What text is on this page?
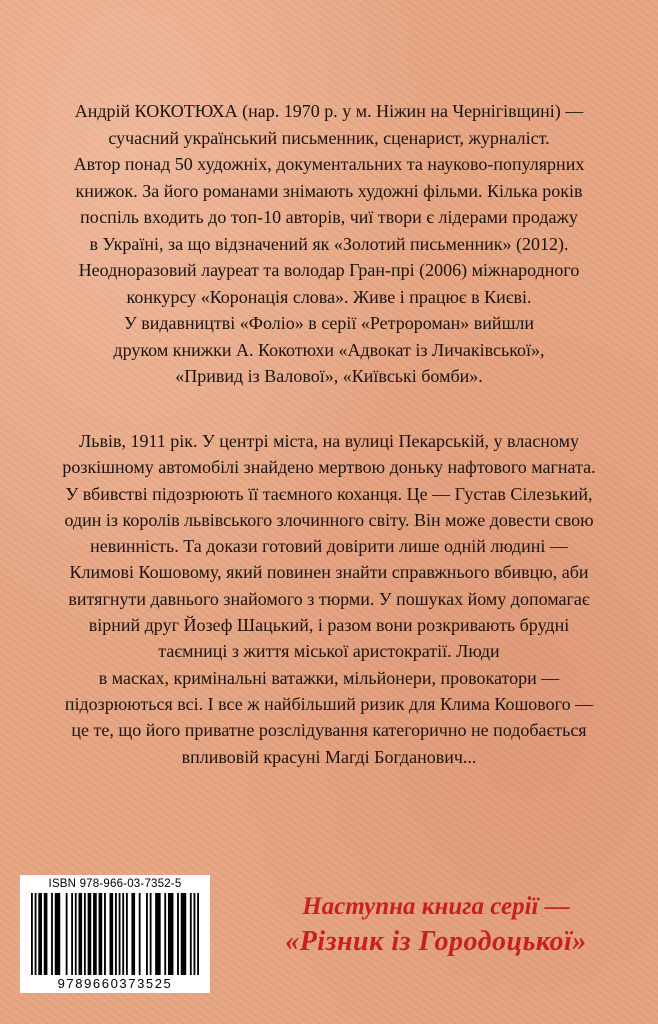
Андрій КОКОТЮХА (нар. 1970 р. у м. Ніжин на Чернігівщині) —

сучасний український письменник, сценарист, журналіст.

Автор понад 50 художніх, документальних та науково-популярних

книжок. За його романами знімають художні фільми. Кілька років

поспіль входить до топ-10 авторів, чиї твори є лідерами продажу

в Україні, за що відзначений як «Золотий письменник» (2012).

Неодноразовий лауреат та володар Гран-прі (2006) міжнародного

конкурсу «Коронація слова». Живе і працює в Києві.

У видавництві «Фоліо» в серії «Ретророман» вийшли

друком книжки А. Кокотюхи «Адвокат із Личаківської»,

«Привид із Валової», «Київські бомби».

Львів, 1911 рік. У центрі міста, на вулиці Пекарській, у власному

розкішному автомобілі знайдено мертвою доньку нафтового магната.

У вбивстві підозрюють її таємного коханця. Це — Густав Сілезький,

один із королів львівського злочинного світу. Він може довести свою

невинність. Та докази готовий довірити лише одній людині —

Климові Кошовому, який повинен знайти справжнього вбивцю, аби

витягнути давнього знайомого з тюрми. У пошуках йому допомагає

вірний друг Йозеф Шацький, і разом вони розкривають брудні

таємниці з життя міської аристократії. Люди

в масках, кримінальні ватажки, мільйонери, провокатори —

підозрюються всі. І все ж найбільший ризик для Клима Кошового —

це те, що його приватне розслідування категорично не подобається

впливовій красуні Магді Богданович...

ISBN 978-966-03-7352-5
9789660373525
Наступна книга серії —
«Різник із Городоцької»
